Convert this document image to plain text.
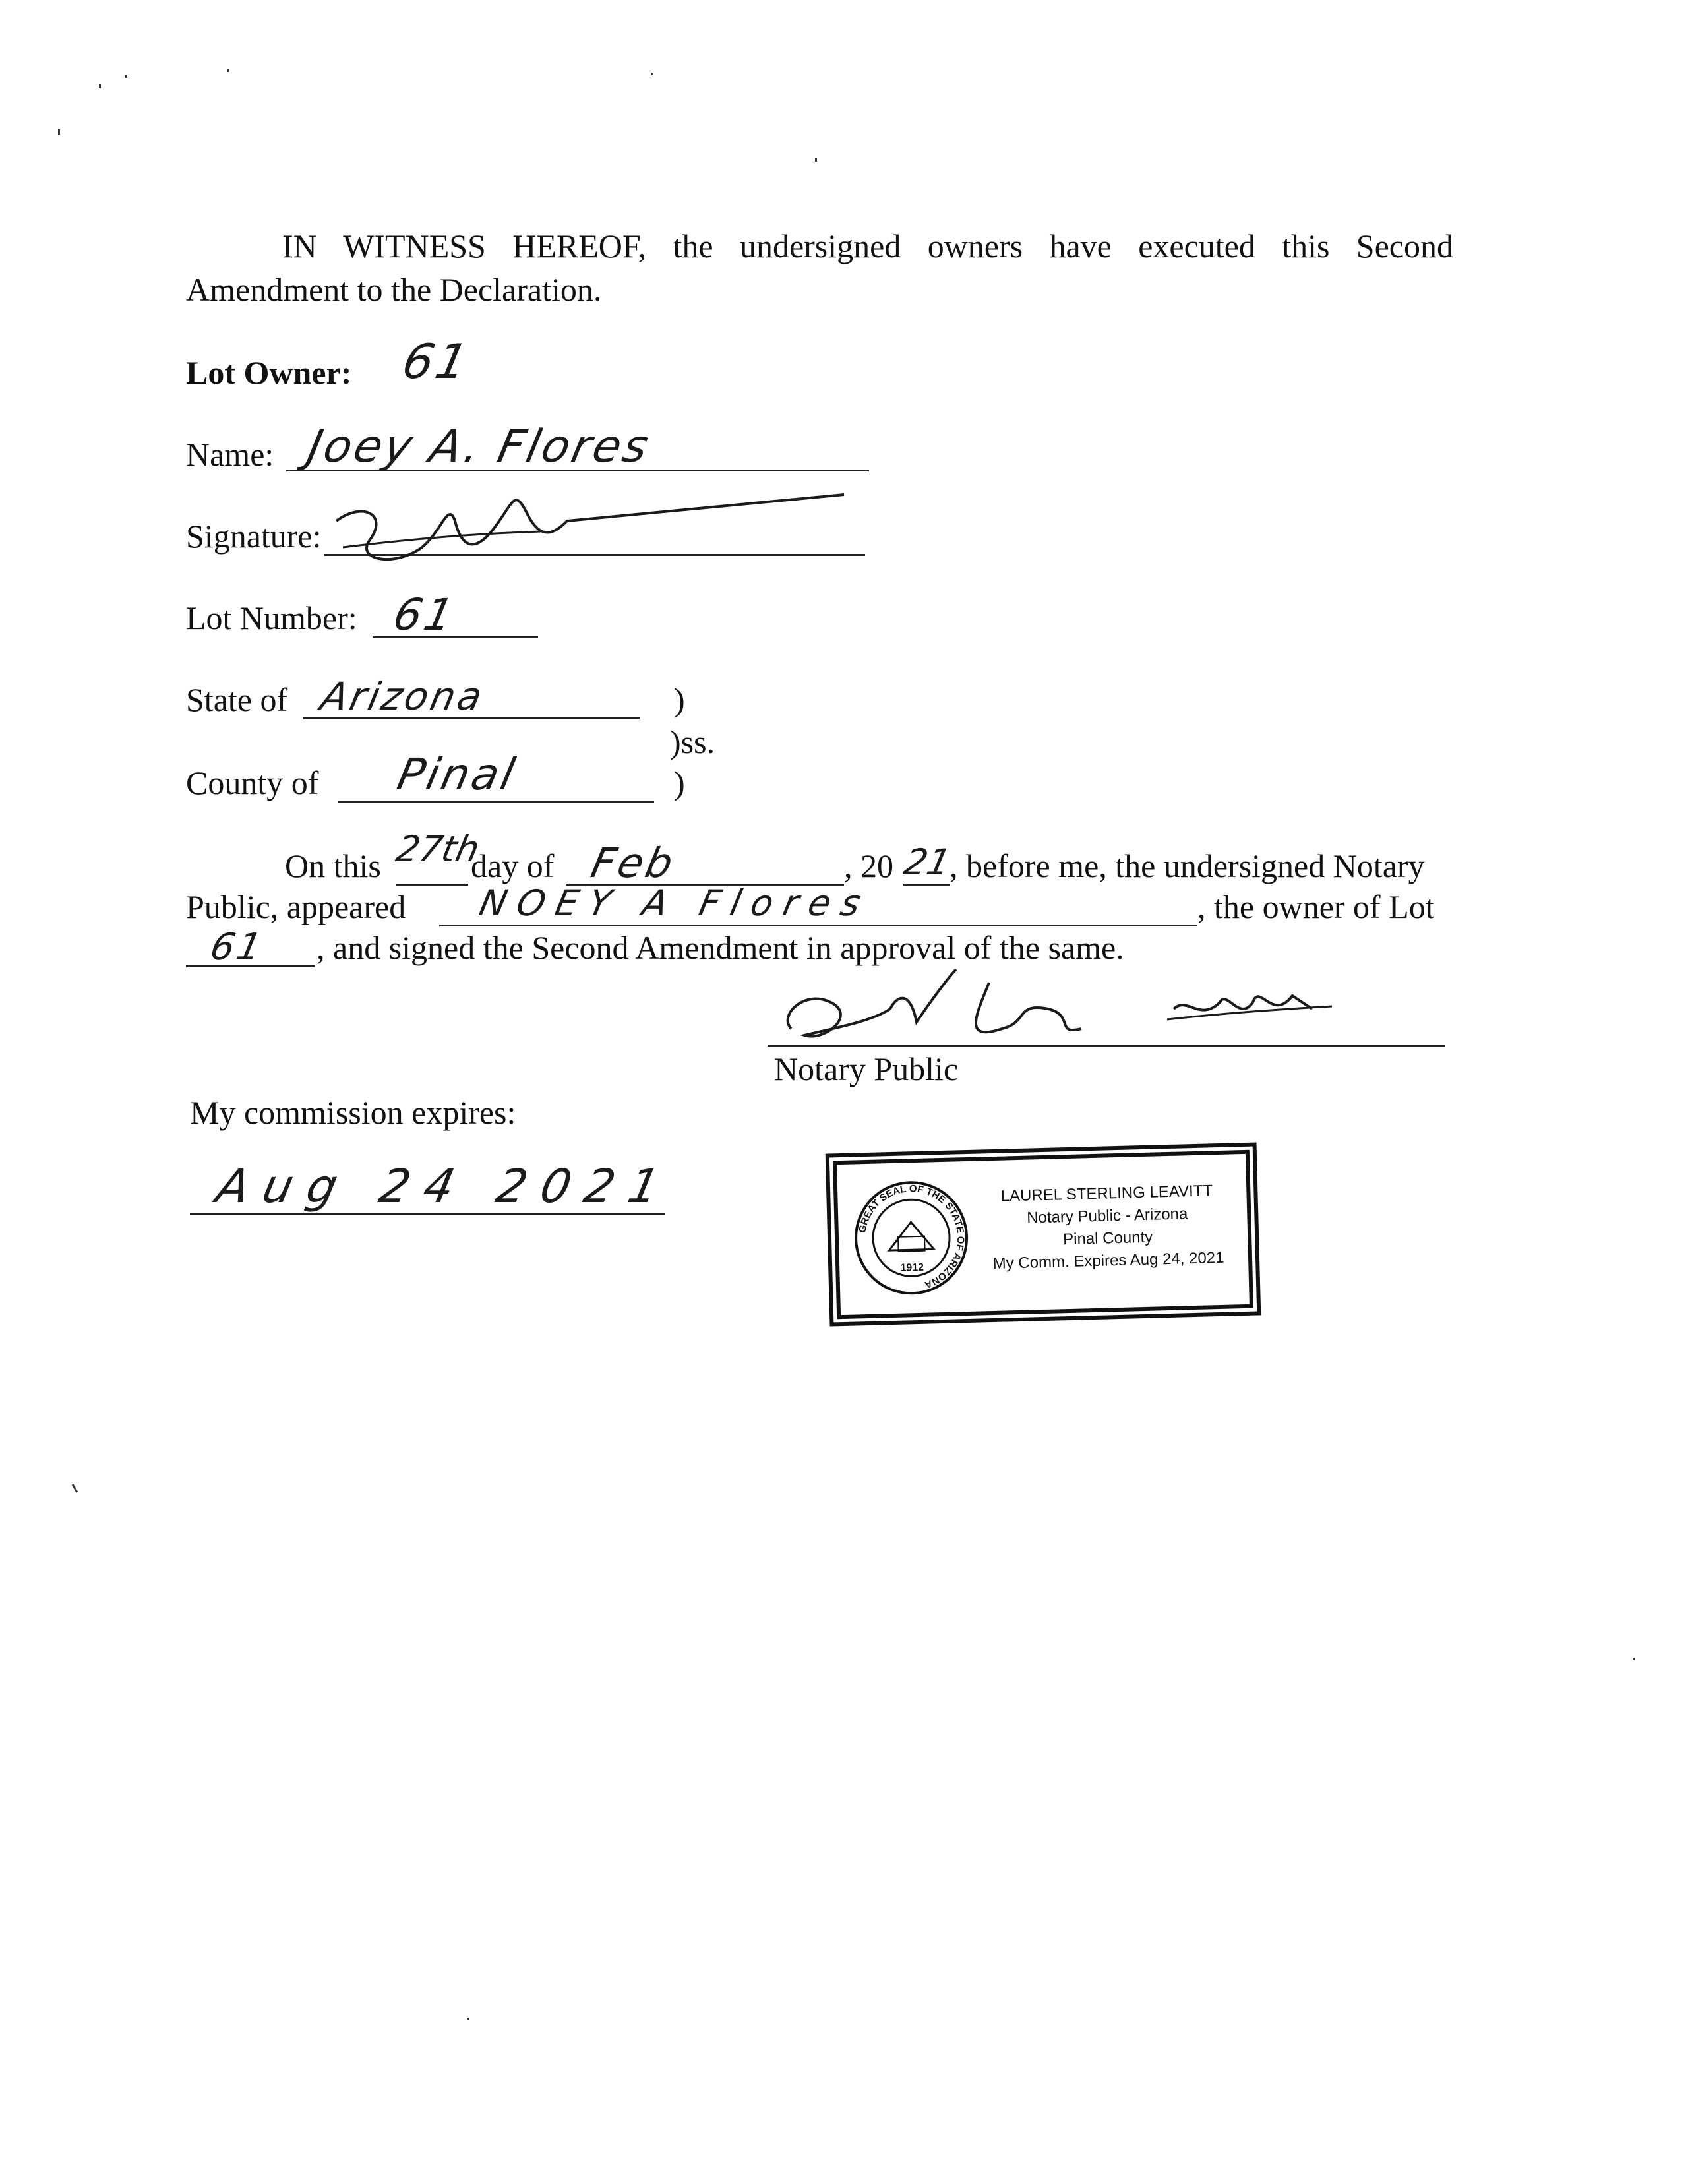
IN WITNESS HEREOF, the undersigned owners have executed this Second
Amendment to the Declaration.
Lot Owner: 61
Name: Joey A. Flores
Signature:
Lot Number: 61
State of Arizona	)
)ss.
County of Pinal	)
On this 27th
day of Feb	, 20 21
, before me, the undersigned Notary
Public, appeared NOEY A Flores	, the owner of Lot
61 , and signed the Second Amendment in approval of the same.
Notary Public
My commission expires:
Aug 24 2021
GREAT SEAL OF THE STATE OF ARIZONA
1912
LAUREL STERLING LEAVITT
Notary Public - Arizona
Pinal County
My Comm. Expires Aug 24, 2021
